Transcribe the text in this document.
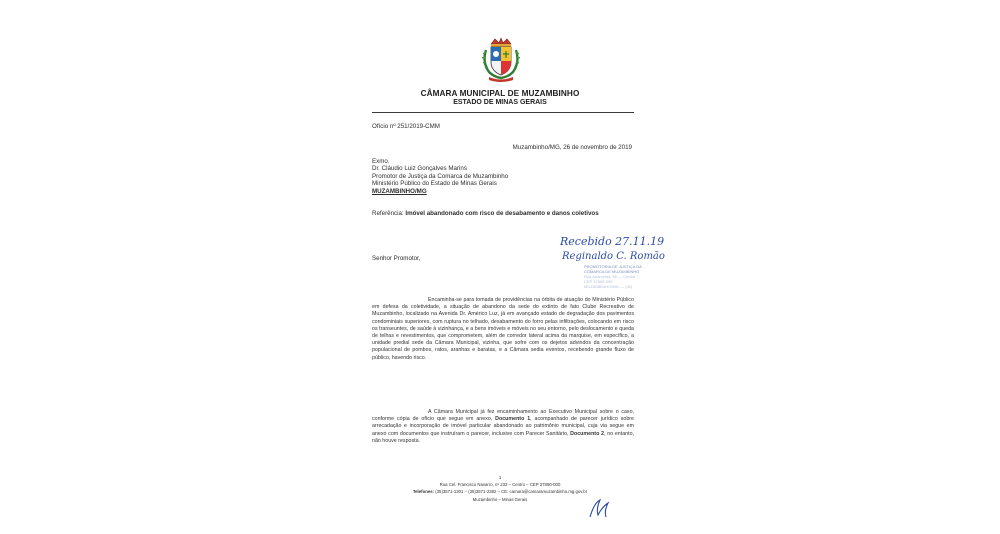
CÂMARA MUNICIPAL DE MUZAMBINHO
ESTADO DE MINAS GERAIS
Ofício nº 251/2019-CMM
Muzambinho/MG, 26 de novembro de 2019
Exmo.
Dr. Cláudio Luiz Gonçalves Marins
Promotor de Justiça da Comarca de Muzambinho
Ministério Público do Estado de Minas Gerais
MUZAMBINHO/MG
Referência: Imóvel abandonado com risco de desabamento e danos coletivos
Recebido 27.11.19
Reginaldo C. Romão
PROMOTORIA DE JUSTIÇA DA
COMARCA DE MUZAMBINHO
Rua Aparecida, 66 — Centro
CEP 37890-000
MUZAMBINHO/MG — (35)
Senhor Promotor,
Encaminha-se para tomada de providências na órbita de atuação do Ministério Público em defesa da coletividade, a situação de abandono da sede do extinto de fato Clube Recreativo de Muzambinho, localizado na Avenida Dr. Américo Luz, já em avançado estado de degradação dos pavimentos condominiais superiores, com ruptura no telhado, desabamento do forro pelas infiltrações, colocando em risco os transeuntes, de saúde à vizinhança, e a bens imóveis e móveis no seu entorno, pelo deslocamento e queda de telhas e revestimentos, que comprometem, além de corredor lateral acima da marquise, em específico, a unidade predial sede da Câmara Municipal, vizinha, que sofre com os dejetos advindos da concentração populacional de pombos, ratos, aranhas e baratas, e a Câmara sedia eventos, recebendo grande fluxo de público, havendo risco.
A Câmara Municipal já fez encaminhamento ao Executivo Municipal sobre o caso, conforme cópia de ofício que segue em anexo, Documento 1, acompanhado de parecer jurídico sobre arrecadação e incorporação de imóvel particular abandonado ao patrimônio municipal, cuja via segue em anexo com documentos que instruíram o parecer, inclusive com Parecer Sanitário, Documento 2, no entanto, não houve resposta.
1
Rua Cel. Francisco Navarro, nº 233 – Centro – CEP 37890-000
Telefones: (35)3571-1301 – (35)3571-2382 – CE: camara@camaramuzambinho.mg.gov.br
Muzambinho – Minas Gerais
